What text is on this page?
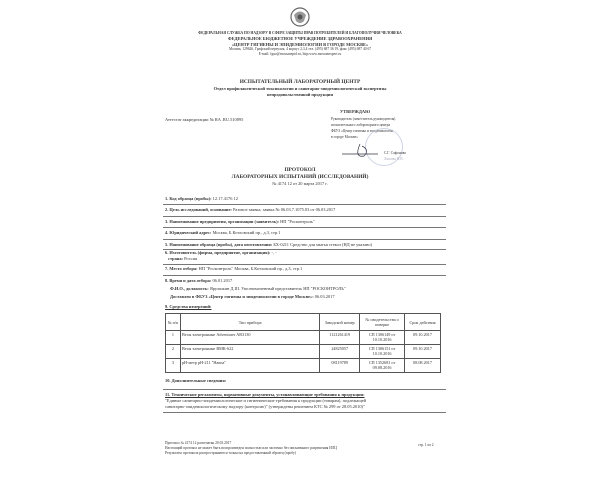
ФЕДЕРАЛЬНАЯ СЛУЖБА ПО НАДЗОРУ В СФЕРЕ ЗАЩИТЫ ПРАВ ПОТРЕБИТЕЛЕЙ И БЛАГОПОЛУЧИЯ ЧЕЛОВЕКА
ФЕДЕРАЛЬНОЕ БЮДЖЕТНОЕ УЧРЕЖДЕНИЕ ЗДРАВООХРАНЕНИЯ
«ЦЕНТР ГИГИЕНЫ И ЭПИДЕМИОЛОГИИ В ГОРОДЕ МОСКВЕ»
Москва, 129626, Графский переулок, 4 корпус 2,3,4 тел. (495) 687 36 19, факс (495) 687 40 67
E-mail: fguz@mossanepid.ru, http:www.mossanexpert.ru
ИСПЫТАТЕЛЬНЫЙ ЛАБОРАТОРНЫЙ ЦЕНТР
Отдел профилактической токсикологии и санитарно-эпидемиологической экспертизы
непродовольственной продукции
УТВЕРЖДАЮ
Аттестат аккредитации № RA .RU.510895	Руководитель (заместитель руководителя)
испытательного лабораторного центра
ФБУЗ «Центр гигиены и эпидемиологии
в городе Москве»
С.Г. Сафонова
Ляшова Н.В.
ПРОТОКОЛ
ЛАБОРАТОРНЫХ ИСПЫТАНИЙ (ИССЛЕДОВАНИЙ)
№ 4174 12 от 20 марта 2017 г.
1. Код образца (пробы): 12.17.4176 12
2. Цель исследований, основание: Разовое заявка, заявка № 06.03.7.1075.03 от 06.03.2017
3. Наименование предприятия, организации (заявитель): НП "Росконтроль"
4. Юридический адрес: Москва, Б.Котловский пр., д.3, стр.1
5. Наименование образца (пробы), дата изготовления: БХ-0211 Средство для мытья стекол (НД не указано)
6. Изготовитель (фирма, предприятие, организация): -, -
страна: Россия
7. Место отбора: НП "Росконтроль" Москва, Б.Котловский пр., д.3, стр.1
8. Время и дата отбора: 06.01.2017
Ф.И.О., должность: Ярулшкин Д.Ш. Уполномоченный представитель НП "РОСКОНТРОЛЬ"
Доставлен в ФБУЗ «Центр гигиены и эпидемиологии в городе Москве»: 06.03.2017
9. Средства измерений:
№ п/п	Тип прибора	Заводской номер	№ свидетельства о поверке	Срок действия
1	Весы электронные Adventurer AR3130	1121261419	СП 1306149 от 10.10.2016	09.10.2017
2	Весы электронные ВМК-622	24825057	СП 1306151 от 10.10.2016	09.10.2017
3	pH-метр pH-211 "Hanna"	08119789	СП 1352681 от 09.08.2016	08.08.2017
10. Дополнительные сведения:
11. Технические регламенты, нормативные документы, устанавливающие требования к продукции:
"Единые санитарно-эпидемиологические и гигиенические требования к продукции (товарам), подлежащей
санитарно-эпидемиологическому надзору (контролю)" (утверждены решением КТС № 299 от 28.05.2010)"
Протокол № 4174 12 распечатан 20.03.2017
Настоящий протокол не может быть воспроизведен полностью или частично без письменного разрешения ИЛЦ
Результаты протокола распространяются только на предоставленный образец (пробу)
стр. 1 из 2
